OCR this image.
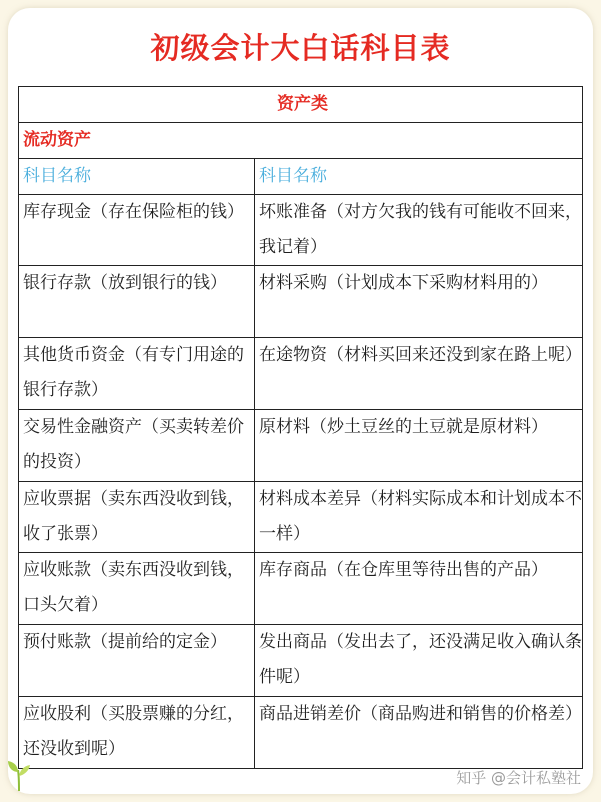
初级会计大白话科目表
资产类	
流动资产	
科目名称	科目名称
库存现金（存在保险柜的钱）	坏账准备（对方欠我的钱有可能收不回来，我记着）
银行存款（放到银行的钱）	材料采购（计划成本下采购材料用的）
其他货币资金（有专门用途的银行存款）	在途物资（材料买回来还没到家在路上呢）
交易性金融资产（买卖转差价的投资）	原材料（炒土豆丝的土豆就是原材料）
应收票据（卖东西没收到钱，收了张票）	材料成本差异（材料实际成本和计划成本不一样）
应收账款（卖东西没收到钱，口头欠着）	库存商品（在仓库里等待出售的产品）
预付账款（提前给的定金）	发出商品（发出去了，还没满足收入确认条件呢）
应收股利（买股票赚的分红，还没收到呢）	商品进销差价（商品购进和销售的价格差）
知乎 @会计私塾社
